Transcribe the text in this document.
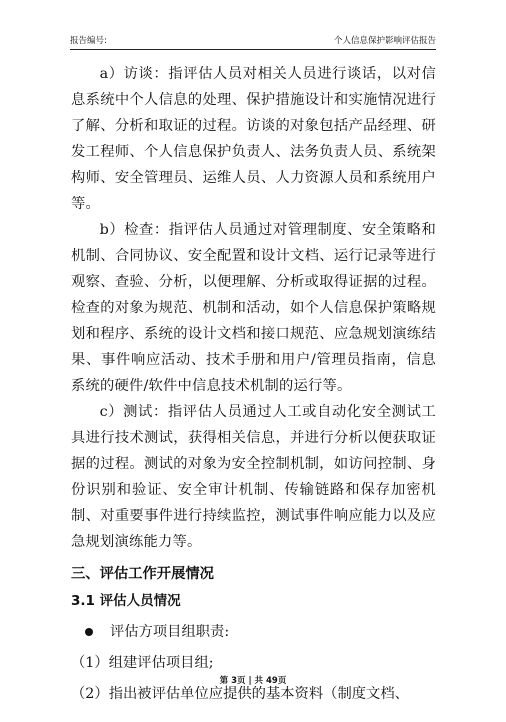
报告编号:	个人信息保护影响评估报告

a）访谈：指评估人员对相关人员进行谈话，以对信息系统中个人信息的处理、保护措施设计和实施情况进行了解、分析和取证的过程。访谈的对象包括产品经理、研发工程师、个人信息保护负责人、法务负责人员、系统架构师、安全管理员、运维人员、人力资源人员和系统用户等。

b）检查：指评估人员通过对管理制度、安全策略和机制、合同协议、安全配置和设计文档、运行记录等进行观察、查验、分析，以便理解、分析或取得证据的过程。检查的对象为规范、机制和活动，如个人信息保护策略规划和程序、系统的设计文档和接口规范、应急规划演练结果、事件响应活动、技术手册和用户/管理员指南，信息系统的硬件/软件中信息技术机制的运行等。

c）测试：指评估人员通过人工或自动化安全测试工具进行技术测试，获得相关信息，并进行分析以便获取证据的过程。测试的对象为安全控制机制，如访问控制、身份识别和验证、安全审计机制、传输链路和保存加密机制、对重要事件进行持续监控，测试事件响应能力以及应急规划演练能力等。

三、评估工作开展情况

3.1 评估人员情况

评估方项目组职责:
（1）组建评估项目组;
（2）指出被评估单位应提供的基本资料（制度文档、
第 3页 | 共 49页
